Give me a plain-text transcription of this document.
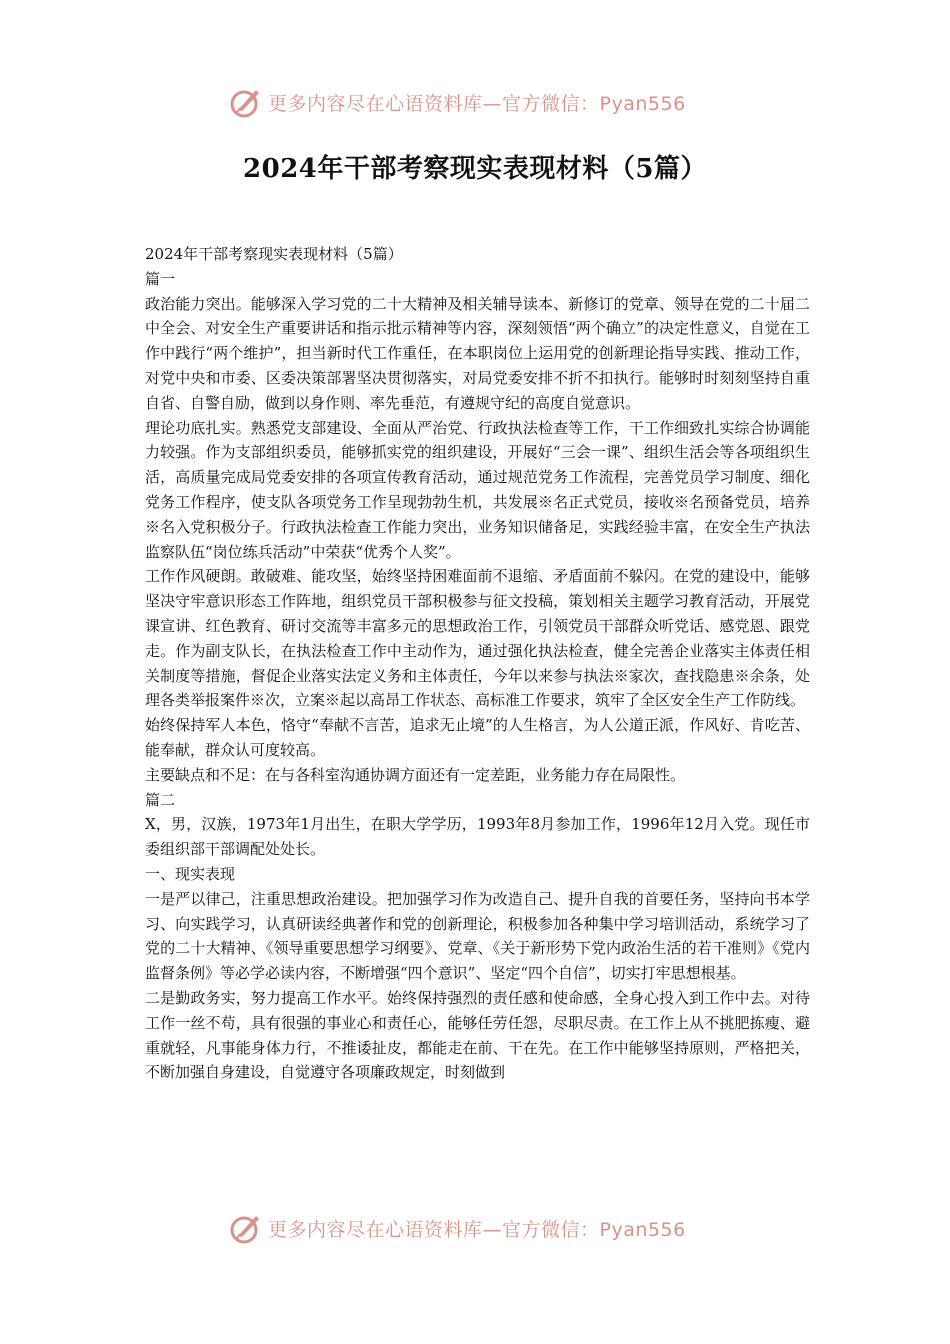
更多内容尽在心语资料库—官方微信：Pyan556
2024年干部考察现实表现材料（5篇）

2024年干部考察现实表现材料（5篇）

篇一

政治能力突出。能够深入学习党的二十大精神及相关辅导读本、新修订的党章、领导在党的二十届二中全会、对安全生产重要讲话和指示批示精神等内容，深刻领悟“两个确立”的决定性意义，自觉在工作中践行“两个维护”，担当新时代工作重任，在本职岗位上运用党的创新理论指导实践、推动工作，对党中央和市委、区委决策部署坚决贯彻落实，对局党委安排不折不扣执行。能够时时刻刻坚持自重自省、自警自励，做到以身作则、率先垂范，有遵规守纪的高度自觉意识。

理论功底扎实。熟悉党支部建设、全面从严治党、行政执法检查等工作，干工作细致扎实综合协调能力较强。作为支部组织委员，能够抓实党的组织建设，开展好“三会一课”、组织生活会等各项组织生活，高质量完成局党委安排的各项宣传教育活动，通过规范党务工作流程，完善党员学习制度、细化党务工作程序，使支队各项党务工作呈现勃勃生机，共发展※名正式党员，接收※名预备党员，培养※名入党积极分子。行政执法检查工作能力突出，业务知识储备足，实践经验丰富，在安全生产执法监察队伍“岗位练兵活动”中荣获“优秀个人奖”。

工作作风硬朗。敢破难、能攻坚，始终坚持困难面前不退缩、矛盾面前不躲闪。在党的建设中，能够坚决守牢意识形态工作阵地，组织党员干部积极参与征文投稿，策划相关主题学习教育活动，开展党课宣讲、红色教育、研讨交流等丰富多元的思想政治工作，引领党员干部群众听党话、感党恩、跟党走。作为副支队长，在执法检查工作中主动作为，通过强化执法检查，健全完善企业落实主体责任相关制度等措施，督促企业落实法定义务和主体责任，今年以来参与执法※家次，查找隐患※余条，处理各类举报案件※次，立案※起以高昂工作状态、高标准工作要求，筑牢了全区安全生产工作防线。

始终保持军人本色，恪守“奉献不言苦，追求无止境”的人生格言，为人公道正派，作风好、肯吃苦、能奉献，群众认可度较高。

主要缺点和不足：在与各科室沟通协调方面还有一定差距，业务能力存在局限性。

篇二

X，男，汉族，1973年1月出生，在职大学学历，1993年8月参加工作，1996年12月入党。现任市委组织部干部调配处处长。

一、现实表现

一是严以律己，注重思想政治建设。把加强学习作为改造自己、提升自我的首要任务，坚持向书本学习、向实践学习，认真研读经典著作和党的创新理论，积极参加各种集中学习培训活动，系统学习了党的二十大精神、《领导重要思想学习纲要》、党章、《关于新形势下党内政治生活的若干准则》《党内监督条例》等必学必读内容，不断增强“四个意识”、坚定“四个自信”，切实打牢思想根基。

二是勤政务实，努力提高工作水平。始终保持强烈的责任感和使命感，全身心投入到工作中去。对待工作一丝不苟，具有很强的事业心和责任心，能够任劳任怨，尽职尽责。在工作上从不挑肥拣瘦、避重就轻，凡事能身体力行，不推诿扯皮，都能走在前、干在先。在工作中能够坚持原则，严格把关，不断加强自身建设，自觉遵守各项廉政规定，时刻做到

更多内容尽在心语资料库—官方微信：Pyan556
